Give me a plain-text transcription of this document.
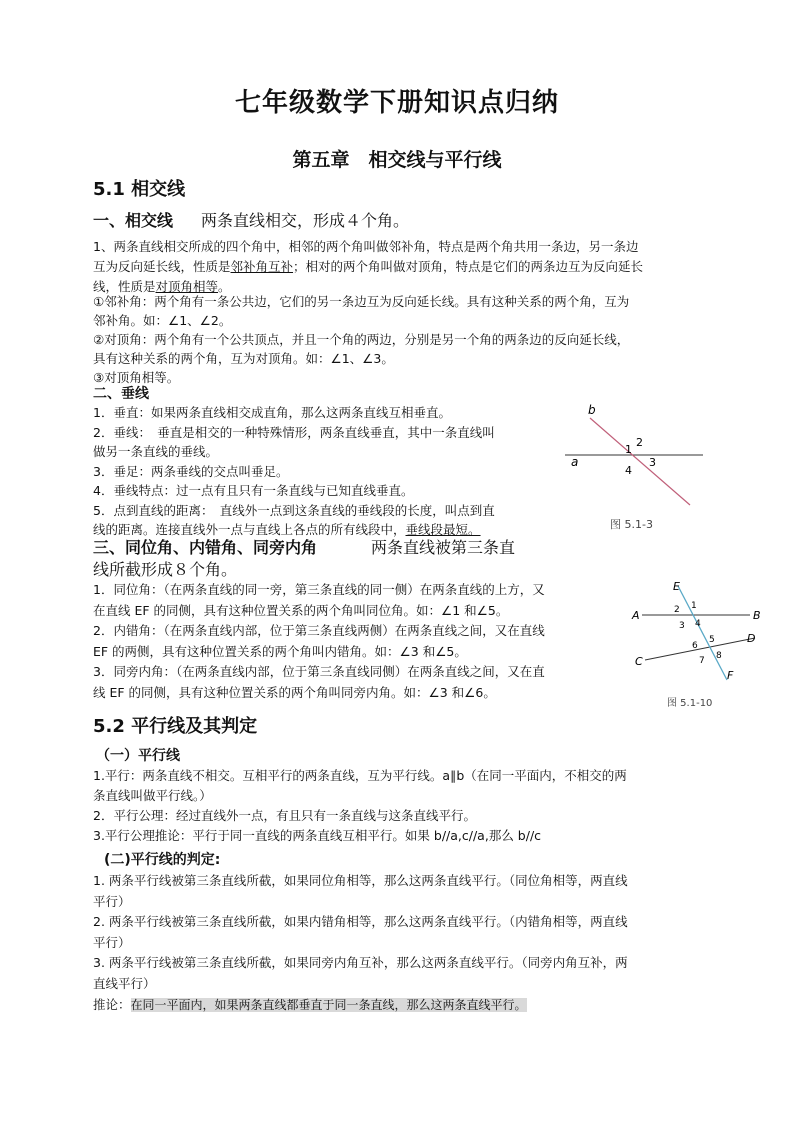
七年级数学下册知识点归纳
第五章　相交线与平行线
5.1 相交线
一、相交线 两条直线相交，形成４个角。
1、两条直线相交所成的四个角中，相邻的两个角叫做邻补角，特点是两个角共用一条边，另一条边
互为反向延长线，性质是邻补角互补；相对的两个角叫做对顶角，特点是它们的两条边互为反向延长
线，性质是对顶角相等。
①邻补角：两个角有一条公共边，它们的另一条边互为反向延长线。具有这种关系的两个角，互为
邻补角。如：∠1、∠2。
②对顶角：两个角有一个公共顶点，并且一个角的两边，分别是另一个角的两条边的反向延长线，
具有这种关系的两个角，互为对顶角。如：∠1、∠3。
③对顶角相等。
二、垂线
1．垂直：如果两条直线相交成直角，那么这两条直线互相垂直。
2．垂线：　垂直是相交的一种特殊情形，两条直线垂直，其中一条直线叫
做另一条直线的垂线。
3．垂足：两条垂线的交点叫垂足。
4．垂线特点：过一点有且只有一条直线与已知直线垂直。
5．点到直线的距离：　直线外一点到这条直线的垂线段的长度，叫点到直
线的距离。连接直线外一点与直线上各点的所有线段中，垂线段最短。
b
a
1
2
3
4
图 5.1-3
三、同位角、内错角、同旁内角	两条直线被第三条直
线所截形成８个角。
1．同位角：（在两条直线的同一旁，第三条直线的同一侧）在两条直线的上方，又
在直线 EF 的同侧，具有这种位置关系的两个角叫同位角。如：∠1 和∠5。
2．内错角：（在两条直线内部，位于第三条直线两侧）在两条直线之间，又在直线
EF 的两侧，具有这种位置关系的两个角叫内错角。如：∠3 和∠5。
3．同旁内角：（在两条直线内部，位于第三条直线同侧）在两条直线之间，又在直
线 EF 的同侧，具有这种位置关系的两个角叫同旁内角。如：∠3 和∠6。
A	B
C
D
E
F
1
2
3 4
5
6
7 8
图 5.1-10
5.2 平行线及其判定
（一）平行线
1.平行：两条直线不相交。互相平行的两条直线，互为平行线。a∥b（在同一平面内，不相交的两
条直线叫做平行线。）
2．平行公理：经过直线外一点，有且只有一条直线与这条直线平行。
3.平行公理推论：平行于同一直线的两条直线互相平行。如果 b//a,c//a,那么 b//c
(二)平行线的判定:
1. 两条平行线被第三条直线所截，如果同位角相等，那么这两条直线平行。（同位角相等，两直线
平行）
2. 两条平行线被第三条直线所截，如果内错角相等，那么这两条直线平行。（内错角相等，两直线
平行）
3. 两条平行线被第三条直线所截，如果同旁内角互补，那么这两条直线平行。（同旁内角互补，两
直线平行）
推论：在同一平面内，如果两条直线都垂直于同一条直线，那么这两条直线平行。
